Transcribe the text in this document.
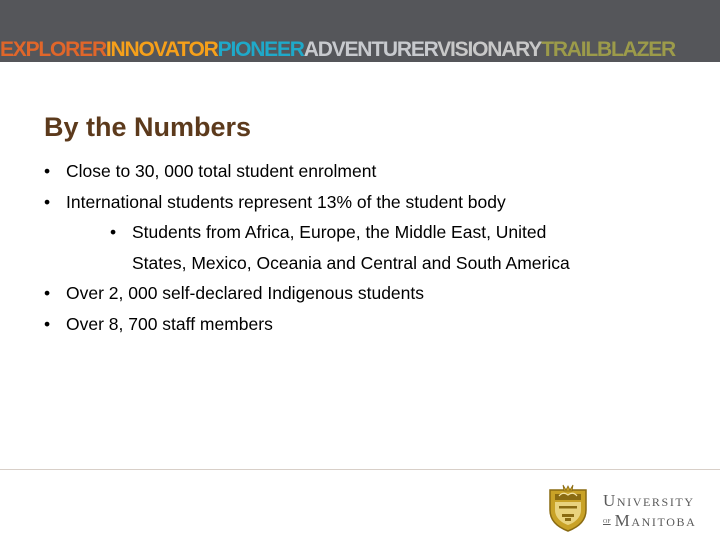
EXPLORERINNOVATORPIONEERADVENTURERVISIONARYTRAILBLAZER
By the Numbers
• Close to 30, 000 total student enrolment
• International students represent 13% of the student body
• Students from Africa, Europe, the Middle East, United States, Mexico, Oceania and Central and South America
• Over 2, 000 self-declared Indigenous students
• Over 8, 700 staff members
University
of Manitoba
